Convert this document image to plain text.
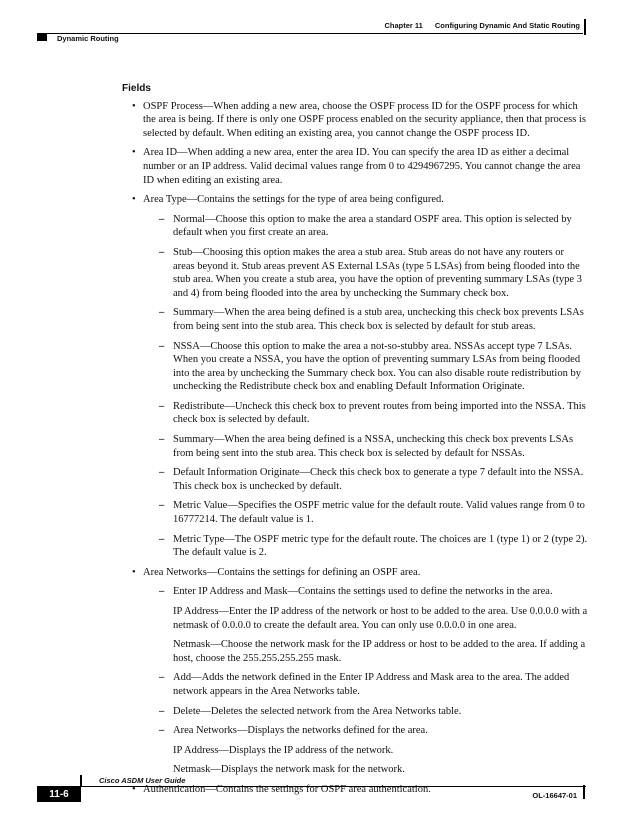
Chapter 11 Configuring Dynamic And Static Routing
Dynamic Routing
Fields
• OSPF Process—When adding a new area, choose the OSPF process ID for the OSPF process for which the area is being. If there is only one OSPF process enabled on the security appliance, then that process is selected by default. When editing an existing area, you cannot change the OSPF process ID.
• Area ID—When adding a new area, enter the area ID. You can specify the area ID as either a decimal number or an IP address. Valid decimal values range from 0 to 4294967295. You cannot change the area ID when editing an existing area.
• Area Type—Contains the settings for the type of area being configured.
– Normal—Choose this option to make the area a standard OSPF area. This option is selected by default when you first create an area.
– Stub—Choosing this option makes the area a stub area. Stub areas do not have any routers or areas beyond it. Stub areas prevent AS External LSAs (type 5 LSAs) from being flooded into the stub area. When you create a stub area, you have the option of preventing summary LSAs (type 3 and 4) from being flooded into the area by unchecking the Summary check box.
– Summary—When the area being defined is a stub area, unchecking this check box prevents LSAs from being sent into the stub area. This check box is selected by default for stub areas.
– NSSA—Choose this option to make the area a not-so-stubby area. NSSAs accept type 7 LSAs. When you create a NSSA, you have the option of preventing summary LSAs from being flooded into the area by unchecking the Summary check box. You can also disable route redistribution by unchecking the Redistribute check box and enabling Default Information Originate.
– Redistribute—Uncheck this check box to prevent routes from being imported into the NSSA. This check box is selected by default.
– Summary—When the area being defined is a NSSA, unchecking this check box prevents LSAs from being sent into the stub area. This check box is selected by default for NSSAs.
– Default Information Originate—Check this check box to generate a type 7 default into the NSSA. This check box is unchecked by default.
– Metric Value—Specifies the OSPF metric value for the default route. Valid values range from 0 to 16777214. The default value is 1.
– Metric Type—The OSPF metric type for the default route. The choices are 1 (type 1) or 2 (type 2). The default value is 2.
• Area Networks—Contains the settings for defining an OSPF area.
– Enter IP Address and Mask—Contains the settings used to define the networks in the area.
IP Address—Enter the IP address of the network or host to be added to the area. Use 0.0.0.0 with a netmask of 0.0.0.0 to create the default area. You can only use 0.0.0.0 in one area.
Netmask—Choose the network mask for the IP address or host to be added to the area. If adding a host, choose the 255.255.255.255 mask.
– Add—Adds the network defined in the Enter IP Address and Mask area to the area. The added network appears in the Area Networks table.
– Delete—Deletes the selected network from the Area Networks table.
– Area Networks—Displays the networks defined for the area.
IP Address—Displays the IP address of the network.
Netmask—Displays the network mask for the network.
• Authentication—Contains the settings for OSPF area authentication.
Cisco ASDM User Guide
11-6	OL-16647-01
